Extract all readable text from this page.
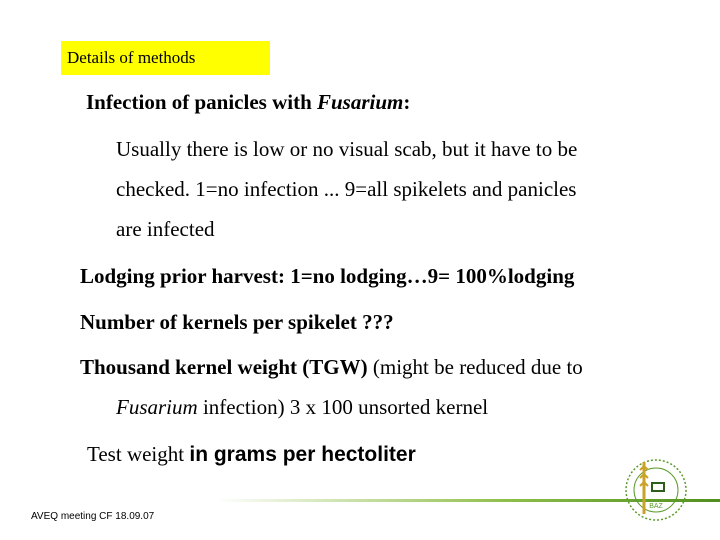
Details of methods
Infection of panicles with Fusarium:
Usually there is low or no visual scab, but it have to be
checked. 1=no infection ... 9=all spikelets and panicles
are infected
Lodging prior harvest: 1=no lodging…9= 100%lodging
Number of kernels per spikelet ???
Thousand kernel weight (TGW) (might be reduced due to
Fusarium infection) 3 x 100 unsorted kernel
Test weight in grams per hectoliter
AVEQ meeting CF 18.09.07
BAZ
